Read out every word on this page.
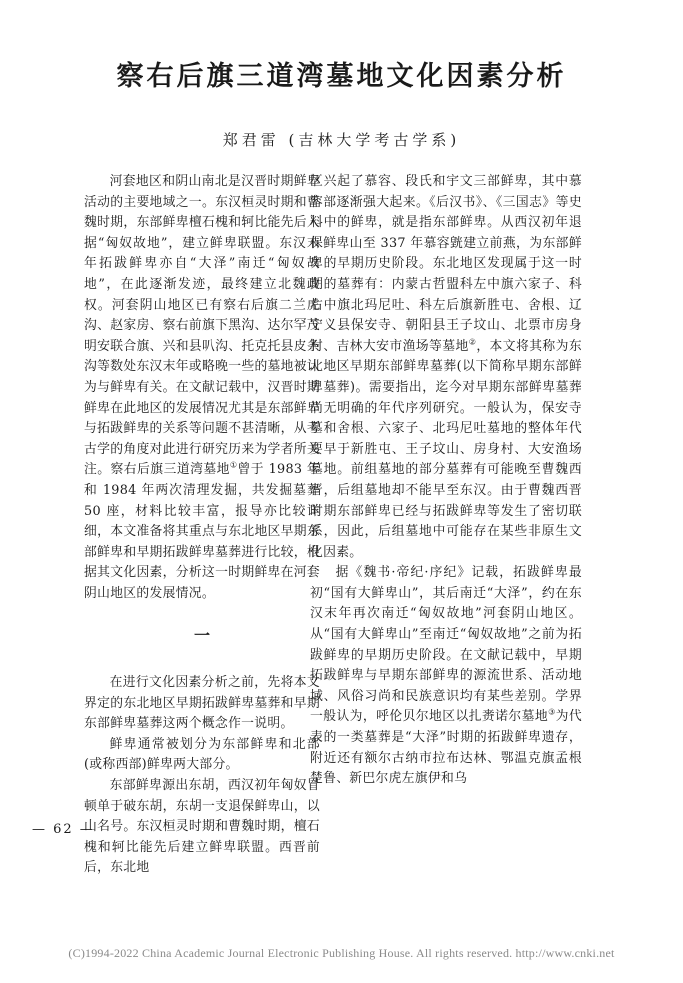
察右后旗三道湾墓地文化因素分析
郑君雷 (吉林大学考古学系)

河套地区和阴山南北是汉晋时期鲜卑活动的主要地域之一。东汉桓灵时期和曹魏时期，东部鲜卑檀石槐和轲比能先后入据“匈奴故地”，建立鲜卑联盟。东汉末年拓跋鲜卑亦自“大泽”南迁“匈奴故地”，在此逐渐发迹，最终建立北魏政权。河套阴山地区已有察右后旗二兰虎沟、赵家房、察右前旗下黑沟、达尔罕茂明安联合旗、兴和县叭沟、托克托县皮条沟等数处东汉末年或略晚一些的墓地被认为与鲜卑有关。在文献记载中，汉晋时期鲜卑在此地区的发展情况尤其是东部鲜卑与拓跋鲜卑的关系等问题不甚清晰，从考古学的角度对此进行研究历来为学者所关注。察右后旗三道湾墓地①曾于 1983 年和 1984 年两次清理发掘，共发掘墓葬 50 座，材料比较丰富，报导亦比较详细，本文准备将其重点与东北地区早期东部鲜卑和早期拓跋鲜卑墓葬进行比较，根据其文化因素，分析这一时期鲜卑在河套阴山地区的发展情况。

一

在进行文化因素分析之前，先将本文界定的东北地区早期拓跋鲜卑墓葬和早期东部鲜卑墓葬这两个概念作一说明。

鲜卑通常被划分为东部鲜卑和北部(或称西部)鲜卑两大部分。

东部鲜卑源出东胡，西汉初年匈奴冒顿单于破东胡，东胡一支退保鲜卑山，以山名号。东汉桓灵时期和曹魏时期，檀石槐和轲比能先后建立鲜卑联盟。西晋前后，东北地

区兴起了慕容、段氏和宇文三部鲜卑，其中慕容部逐渐强大起来。《后汉书》、《三国志》等史料中的鲜卑，就是指东部鲜卑。从西汉初年退保鲜卑山至 337 年慕容皝建立前燕，为东部鲜卑的早期历史阶段。东北地区发现属于这一时期的墓葬有：内蒙古哲盟科左中旗六家子、科右中旗北玛尼吐、科左后旗新胜屯、舍根、辽宁义县保安寺、朝阳县王子坟山、北票市房身村、吉林大安市渔场等墓地②，本文将其称为东北地区早期东部鲜卑墓葬(以下简称早期东部鲜卑墓葬)。需要指出，迄今对早期东部鲜卑墓葬尚无明确的年代序列研究。一般认为，保安寺墓和舍根、六家子、北玛尼吐墓地的整体年代要早于新胜屯、王子坟山、房身村、大安渔场墓地。前组墓地的部分墓葬有可能晚至曹魏西晋，后组墓地却不能早至东汉。由于曹魏西晋时期东部鲜卑已经与拓跋鲜卑等发生了密切联系，因此，后组墓地中可能存在某些非原生文化因素。

据《魏书·帝纪·序纪》记载，拓跋鲜卑最初“国有大鲜卑山”，其后南迁“大泽”，约在东汉末年再次南迁“匈奴故地”河套阴山地区。从“国有大鲜卑山”至南迁“匈奴故地”之前为拓跋鲜卑的早期历史阶段。在文献记载中，早期拓跋鲜卑与早期东部鲜卑的源流世系、活动地域、风俗习尚和民族意识均有某些差别。学界一般认为，呼伦贝尔地区以扎赉诺尔墓地③为代表的一类墓葬是“大泽”时期的拓跋鲜卑遗存，附近还有额尔古纳市拉布达林、鄂温克旗孟根楚鲁、新巴尔虎左旗伊和乌

— 62 —
(C)1994-2022 China Academic Journal Electronic Publishing House. All rights reserved. http://www.cnki.net
